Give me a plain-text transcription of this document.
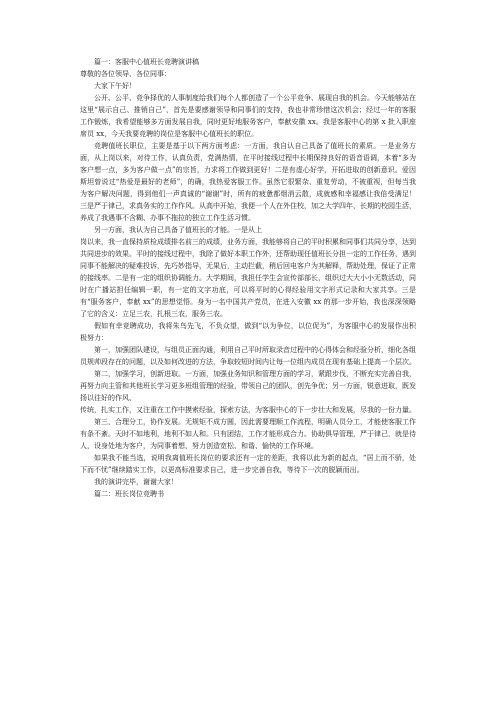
篇一：客服中心值班长竞聘演讲稿

尊敬的各位领导、各位同事：

大家下午好！

公开、公平、竞争择优的人事制度给我们每个人都创造了一个公平竞争、展现自我的机会。今天能够站在这里“展示自己、推销自己”，首先是要感谢领导和同事们的支持，我也非常珍惜这次机会；经过一年的客服工作锻炼，我希望能够多方面发展自我，同时更好地服务客户，奉献安徽 xx。我是客服中心的第 x 批入职座席员 xx，今天我要竞聘的岗位是客服中心值班长的职位。

竞聘值班长职位，主要是基于以下两方面考虑：一方面，我自认自己具备了值班长的素质。一是业务方面，从上岗以来，对待工作，认真负责，党满热情，在平时接线过程中长期保持良好的语音语调，本着“多为客户想一点，多为客户做一点”的宗旨，力求将工作做到更好！二是有虚心好学，开拓进取的创新意识。爱因斯坦曾说过“热爱是最好的老师”，的确，我热爱客服工作。虽然它很繁杂、重复劳动，不被重视，但每当我为客户解决问题，得到他们一声真诚的“谢谢”时，所有的疲惫都烟消云散，成就感和幸福感让我倍受满足！三是严于律己，求真务实的工作作风。从高中开始，我便一个人在外住校，加之大学四年，长期的校园生活，养成了我遇事不含糊、办事不拖拉的独立工作生活习惯。

另一方面，我认为自己具备了值班长的才能。一是从上

岗以来，我一直保持质检成绩排名前三的成绩，业务方面，我能够将自己的平时积累和同事们共同分享，达到共同进步的效果。平时的接线过程中，我除了做好本职工作外，还帮助现任值班长分担一定的工作任务，遇到同事不能解决的疑难投诉，先巧妙指导，无果后，主动拦截，稍后回电客户为其解释，帮助处理，保证了正常的接线率。二是有一定的组织协调能力。大学期间，我担任学生会宣传部部长，组织过大大小小无数活动，同时在广播站担任编辑一职，有一定的文字功底，可以将平时的心得经验用文字形式记录和大家共享。三是有“服务客户，奉献 xx”的思想觉悟。身为一名中国共产党员，在进入安徽 xx 的那一步开始，我也深深领略了它的含义：立足三农，扎根三农，服务三农。

假如有幸竞聘成功，我将朱鸟先飞，不负众望，做到“以为争位，以位促为”，为客服中心的发展作出积极努力：

第一，加强团队建设，与组员正面沟通，利用自己平时所取录音过程中的心得体会和经验分析，细化各组员规帅段存在的问题，以及如何改进的方法，争取较短时间内让每一位组内成员在现有基础上提高一个层次。

第二，加强学习，创新进取。一方面，加强业务知识和管理方面的学习，紧跟步伐，不断充实完善自我，再努力向主管和其他班长学习更多班组管理的经验，带领自己的团队，创先争优；另一方面，锐意进取，既发扬以往好的作风、

传统，扎实工作，又注重在工作中摸索经验，探索方法，为客服中心的下一步壮大和发展，尽我的一份力量。

第三，合理分工，协作发展。无规矩不成方圆，因此需要理顺工作流程，明确人员分工，才能使客服工作有条不紊。天时不如地利，地利不如人和。只有团结，工作才能形成合力。协助俱导管理，严于律己，就是待人，设身处地为客户，为同事着想，努力创造宽松、和谐、愉快的工作环境。

如果我不能当选，说明我离值班长岗位的要求还有一定的差距，我将以此为新的起点，“居上而不骄，处下而不忧”继续踏实工作，以更高标准要求自己，进一步完善自我，等待下一次的脱颖而出。

我的演讲完毕，谢谢大家！

篇二：班长岗位竞聘书
